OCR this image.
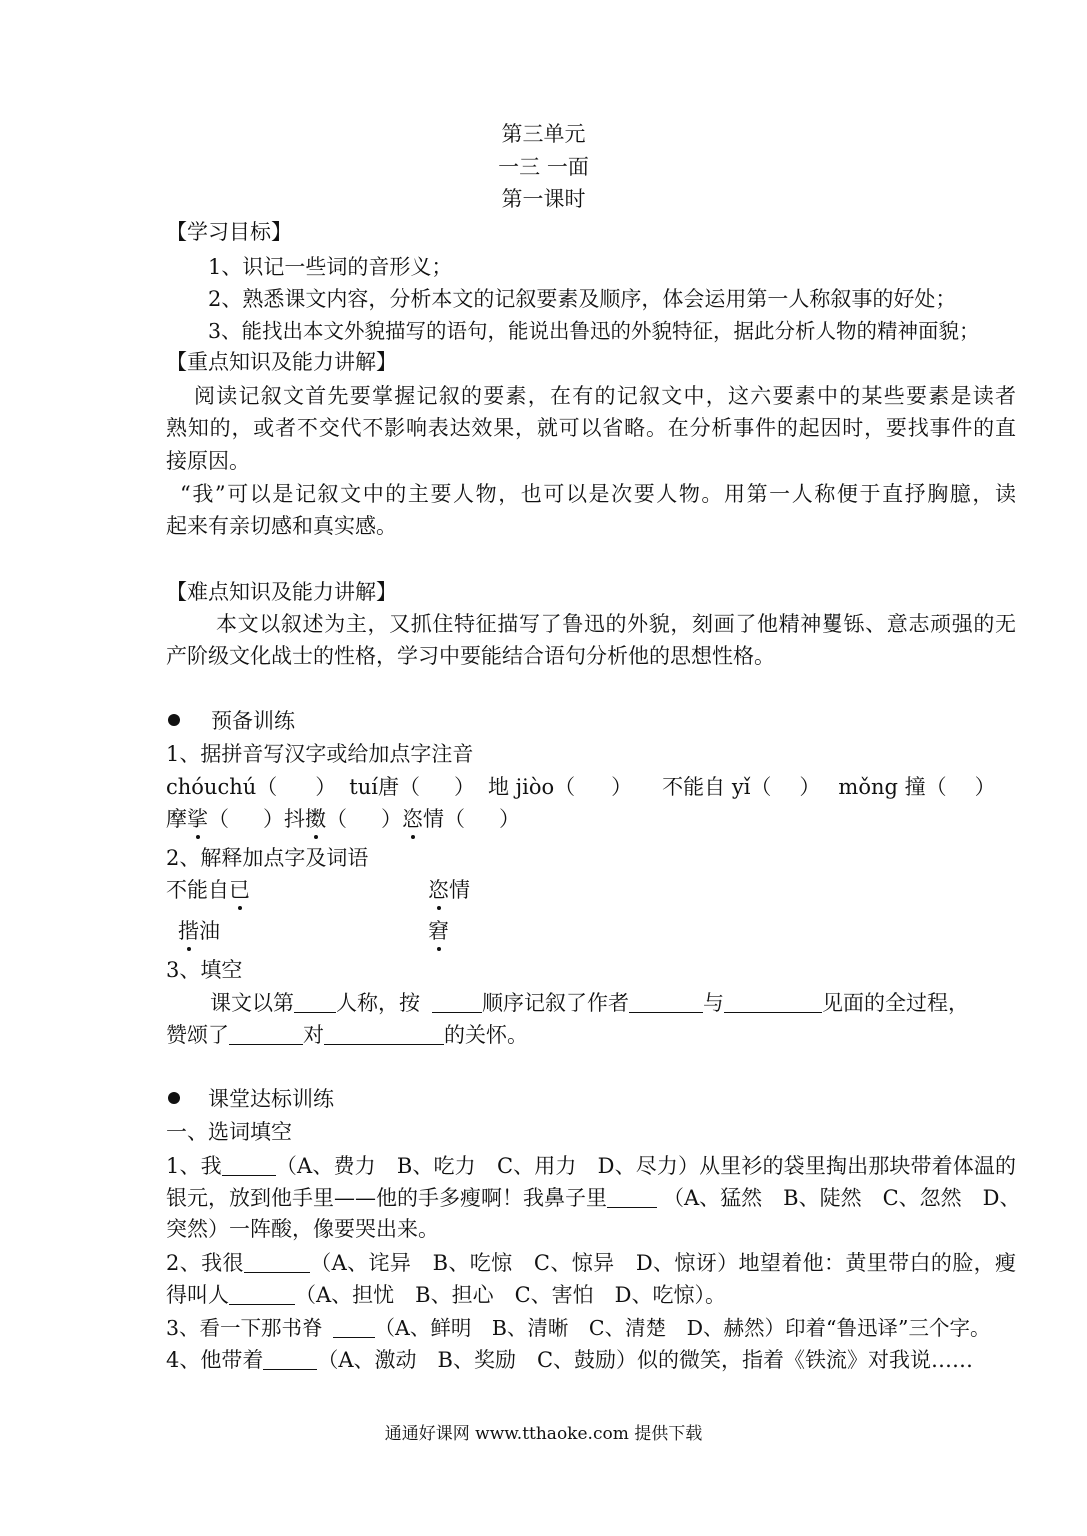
第三单元
一三 一面
第一课时
【学习目标】
1、识记一些词的音形义；
2、熟悉课文内容，分析本文的记叙要素及顺序，体会运用第一人称叙事的好处；
3、能找出本文外貌描写的语句，能说出鲁迅的外貌特征，据此分析人物的精神面貌；
【重点知识及能力讲解】
阅读记叙文首先要掌握记叙的要素，在有的记叙文中，这六要素中的某些要素是读者
熟知的，或者不交代不影响表达效果，就可以省略。在分析事件的起因时，要找事件的直
接原因。
“我”可以是记叙文中的主要人物，也可以是次要人物。用第一人称便于直抒胸臆，读
起来有亲切感和真实感。
【难点知识及能力讲解】
本文以叙述为主，又抓住特征描写了鲁迅的外貌，刻画了他精神矍铄、意志顽强的无
产阶级文化战士的性格，学习中要能结合语句分析他的思想性格。
预备训练
1、据拼音写汉字或给加点字注音
chóuchú（ ） tuí唐（ ） 地 jiòo（ ） 不能自 yǐ（ ） mǒng 撞（ ）
摩挲（ ）抖擞（ ）恣情（ ）
2、解释加点字及词语
不能自已	恣情
揩油	窘
3、填空
课文以第 人称，按	顺序记叙了作者	与	见面的全过程，
赞颂了	对	的关怀。
课堂达标训练
一、选词填空
1、我	（A、费力　B、吃力　C、用力　D、尽力）从里衫的袋里掏出那块带着体温的
银元，放到他手里——他的手多瘦啊！我鼻子里	（A、猛然　B、陡然　C、忽然　D、
突然）一阵酸，像要哭出来。
2、我很	（A、诧异　B、吃惊　C、惊异　D、惊讶）地望着他：黄里带白的脸，瘦
得叫人	（A、担忧　B、担心　C、害怕　D、吃惊）。
3、看一下那书脊	（A、鲜明　B、清晰　C、清楚　D、赫然）印着“鲁迅译”三个字。
4、他带着	（A、激动　B、奖励　C、鼓励）似的微笑，指着《铁流》对我说……
通通好课网 www.tthaoke.com 提供下载
